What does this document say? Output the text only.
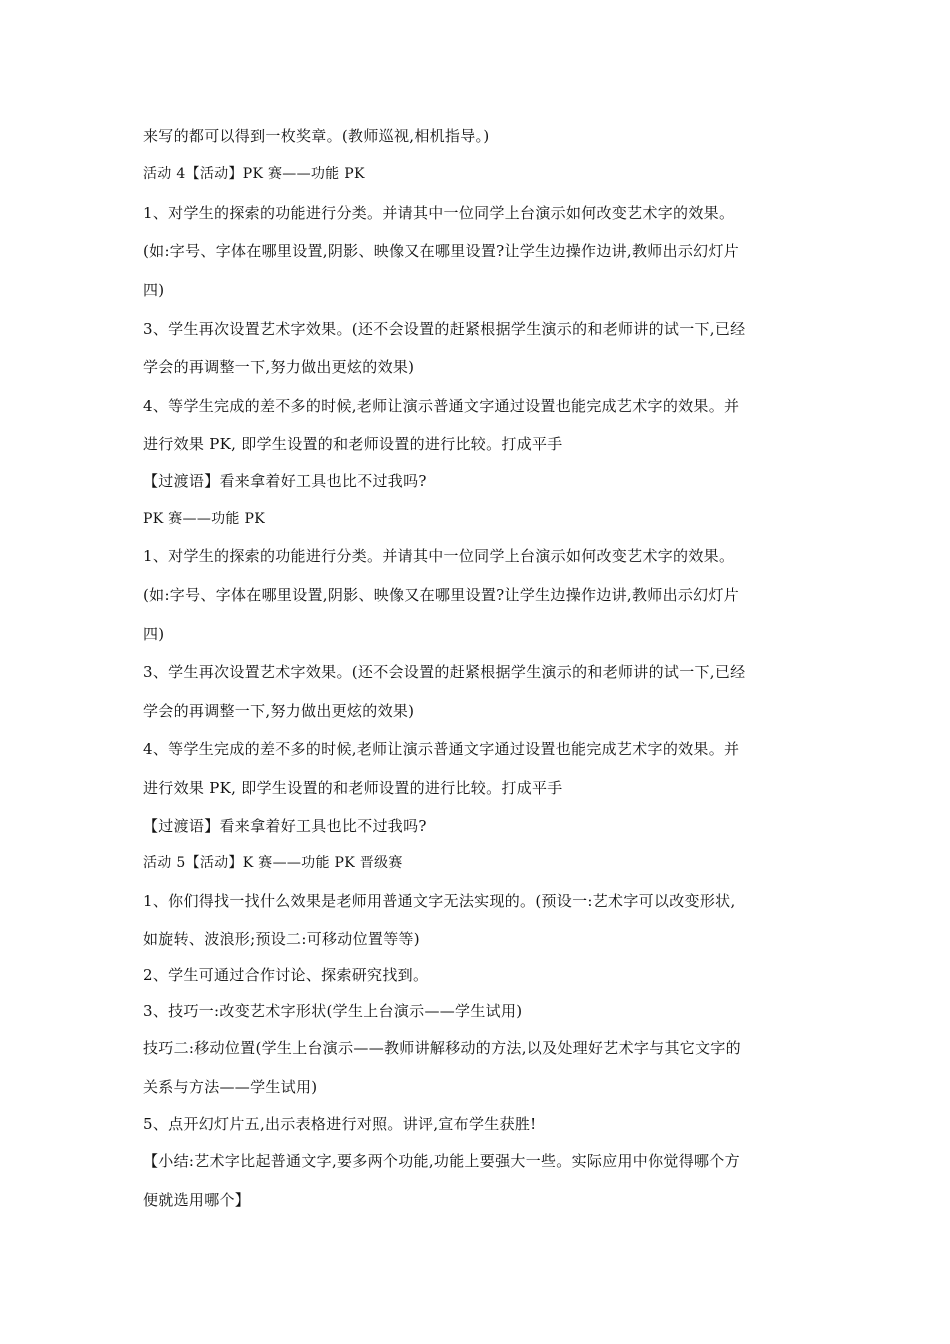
来写的都可以得到一枚奖章。(教师巡视,相机指导。)
活动 4【活动】PK 赛——功能 PK
1、对学生的探索的功能进行分类。并请其中一位同学上台演示如何改变艺术字的效果。
(如:字号、字体在哪里设置,阴影、映像又在哪里设置?让学生边操作边讲,教师出示幻灯片
四)
3、学生再次设置艺术字效果。(还不会设置的赶紧根据学生演示的和老师讲的试一下,已经
学会的再调整一下,努力做出更炫的效果)
4、等学生完成的差不多的时候,老师让演示普通文字通过设置也能完成艺术字的效果。并
进行效果 PK, 即学生设置的和老师设置的进行比较。打成平手
【过渡语】看来拿着好工具也比不过我吗?
PK 赛——功能 PK
1、对学生的探索的功能进行分类。并请其中一位同学上台演示如何改变艺术字的效果。
(如:字号、字体在哪里设置,阴影、映像又在哪里设置?让学生边操作边讲,教师出示幻灯片
四)
3、学生再次设置艺术字效果。(还不会设置的赶紧根据学生演示的和老师讲的试一下,已经
学会的再调整一下,努力做出更炫的效果)
4、等学生完成的差不多的时候,老师让演示普通文字通过设置也能完成艺术字的效果。并
进行效果 PK, 即学生设置的和老师设置的进行比较。打成平手
【过渡语】看来拿着好工具也比不过我吗?
活动 5【活动】K 赛——功能 PK 晋级赛
1、你们得找一找什么效果是老师用普通文字无法实现的。(预设一:艺术字可以改变形状,
如旋转、波浪形;预设二:可移动位置等等)
2、学生可通过合作讨论、探索研究找到。
3、技巧一:改变艺术字形状(学生上台演示——学生试用)
技巧二:移动位置(学生上台演示——教师讲解移动的方法,以及处理好艺术字与其它文字的
关系与方法——学生试用)
5、点开幻灯片五,出示表格进行对照。讲评,宣布学生获胜!
【小结:艺术字比起普通文字,要多两个功能,功能上要强大一些。实际应用中你觉得哪个方
便就选用哪个】
